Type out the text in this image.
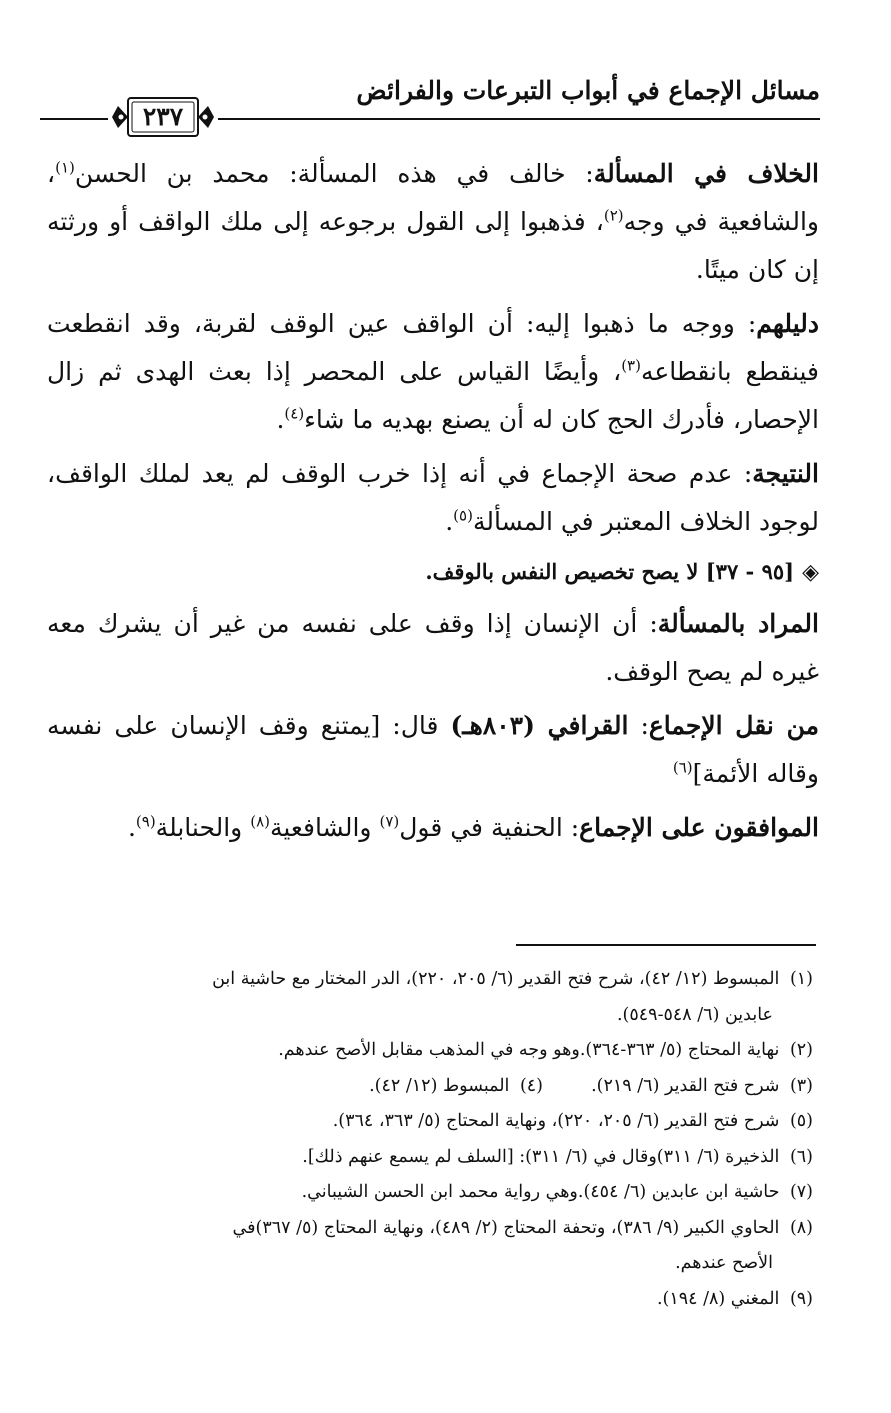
مسائل الإجماع في أبواب التبرعات والفرائض
٢٣٧

الخلاف في المسألة: خالف في هذه المسألة: محمد بن الحسن$^{(١)}$، والشافعية في وجه$^{(٢)}$، فذهبوا إلى القول برجوعه إلى ملك الواقف أو ورثته إن كان ميتًا.

دليلهم: ووجه ما ذهبوا إليه: أن الواقف عين الوقف لقربة، وقد انقطعت فينقطع بانقطاعه$^{(٣)}$، وأيضًا القياس على المحصر إذا بعث الهدى ثم زال الإحصار، فأدرك الحج كان له أن يصنع بهديه ما شاء$^{(٤)}$.

النتيجة: عدم صحة الإجماع في أنه إذا خرب الوقف لم يعد لملك الواقف، لوجود الخلاف المعتبر في المسألة$^{(٥)}$.

◈[٩٥ - ٣٧] لا يصح تخصيص النفس بالوقف.

المراد بالمسألة: أن الإنسان إذا وقف على نفسه من غير أن يشرك معه غيره لم يصح الوقف.

من نقل الإجماع: القرافي (٨٠٣هـ) قال: [يمتنع وقف الإنسان على نفسه وقاله الأئمة]$^{(٦)}$

الموافقون على الإجماع: الحنفية في قول$^{(٧)}$ والشافعية$^{(٨)}$ والحنابلة$^{(٩)}$.

(١) المبسوط (١٢/ ٤٢)، شرح فتح القدير (٦/ ٢٠٥، ٢٢٠)، الدر المختار مع حاشية ابن
عابدين (٦/ ٥٤٨-٥٤٩).
(٢) نهاية المحتاج (٥/ ٣٦٣-٣٦٤).وهو وجه في المذهب مقابل الأصح عندهم.
(٣) شرح فتح القدير (٦/ ٢١٩).
(٤) المبسوط (١٢/ ٤٢).
(٥) شرح فتح القدير (٦/ ٢٠٥، ٢٢٠)، ونهاية المحتاج (٥/ ٣٦٣، ٣٦٤).
(٦) الذخيرة (٦/ ٣١١)وقال في (٦/ ٣١١): [السلف لم يسمع عنهم ذلك].
(٧) حاشية ابن عابدين (٦/ ٤٥٤).وهي رواية محمد ابن الحسن الشيباني.
(٨) الحاوي الكبير (٩/ ٣٨٦)، وتحفة المحتاج (٢/ ٤٨٩)، ونهاية المحتاج (٥/ ٣٦٧)في
الأصح عندهم.
(٩) المغني (٨/ ١٩٤).
